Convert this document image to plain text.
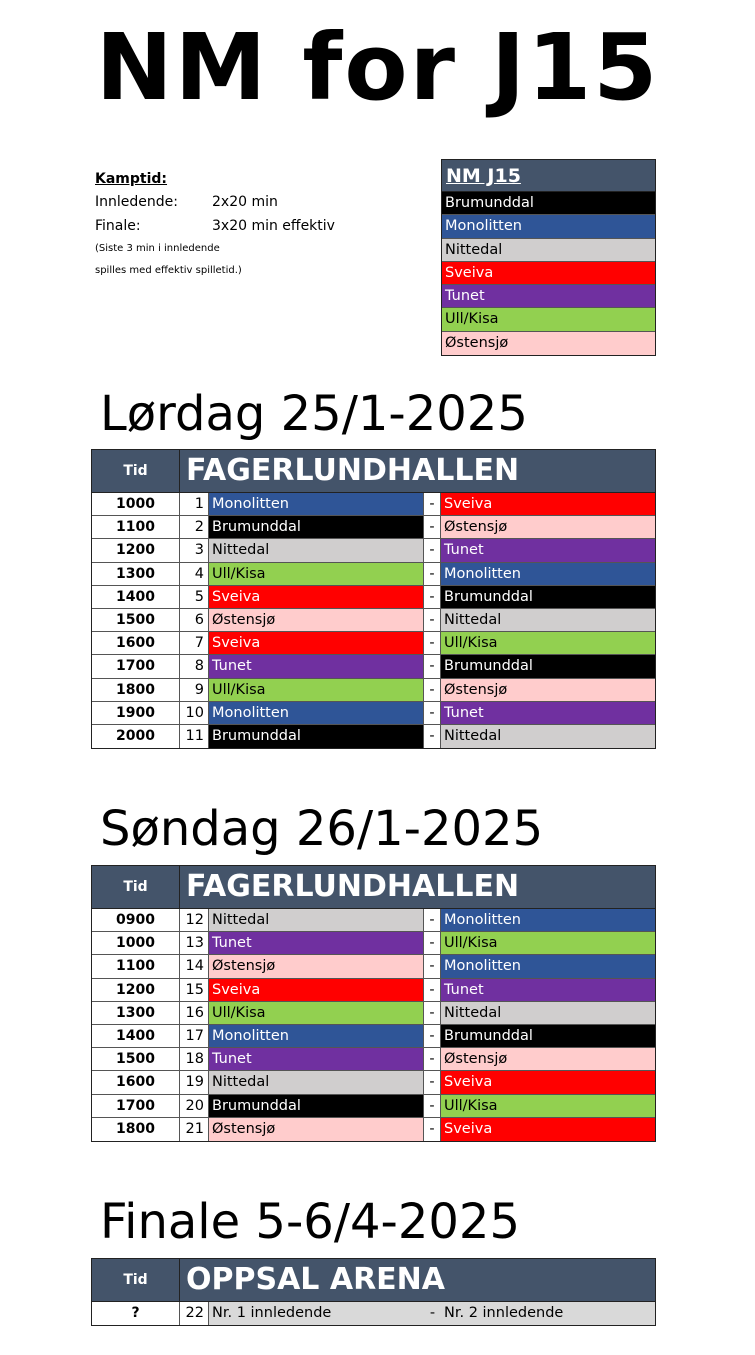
NM for J15
Kamptid:
Innledende: 2x20 min
Finale:	3x20 min effektiv
(Siste 3 min i innledende
spilles med effektiv spilletid.)
NM J15
Brumunddal
Monolitten
Nittedal
Sveiva
Tunet
Ull/Kisa
Østensjø
Lørdag 25/1-2025
Tid	FAGERLUNDHALLEN
1000	1 Monolitten	- Sveiva
1100	2 Brumunddal	- Østensjø
1200	3 Nittedal	- Tunet
1300	4 Ull/Kisa	- Monolitten
1400	5 Sveiva	- Brumunddal
1500	6 Østensjø	- Nittedal
1600	7 Sveiva	- Ull/Kisa
1700	8 Tunet	- Brumunddal
1800	9 Ull/Kisa	- Østensjø
1900	10 Monolitten	- Tunet
2000	11 Brumunddal	- Nittedal
Søndag 26/1-2025
Tid	FAGERLUNDHALLEN
0900	12 Nittedal	- Monolitten
1000	13 Tunet	- Ull/Kisa
1100	14 Østensjø	- Monolitten
1200	15 Sveiva	- Tunet
1300	16 Ull/Kisa	- Nittedal
1400	17 Monolitten	- Brumunddal
1500	18 Tunet	- Østensjø
1600	19 Nittedal	- Sveiva
1700	20 Brumunddal	- Ull/Kisa
1800	21 Østensjø	- Sveiva
Finale 5-6/4-2025
Tid	OPPSAL ARENA
?	22 Nr. 1 innledende	- Nr. 2 innledende
